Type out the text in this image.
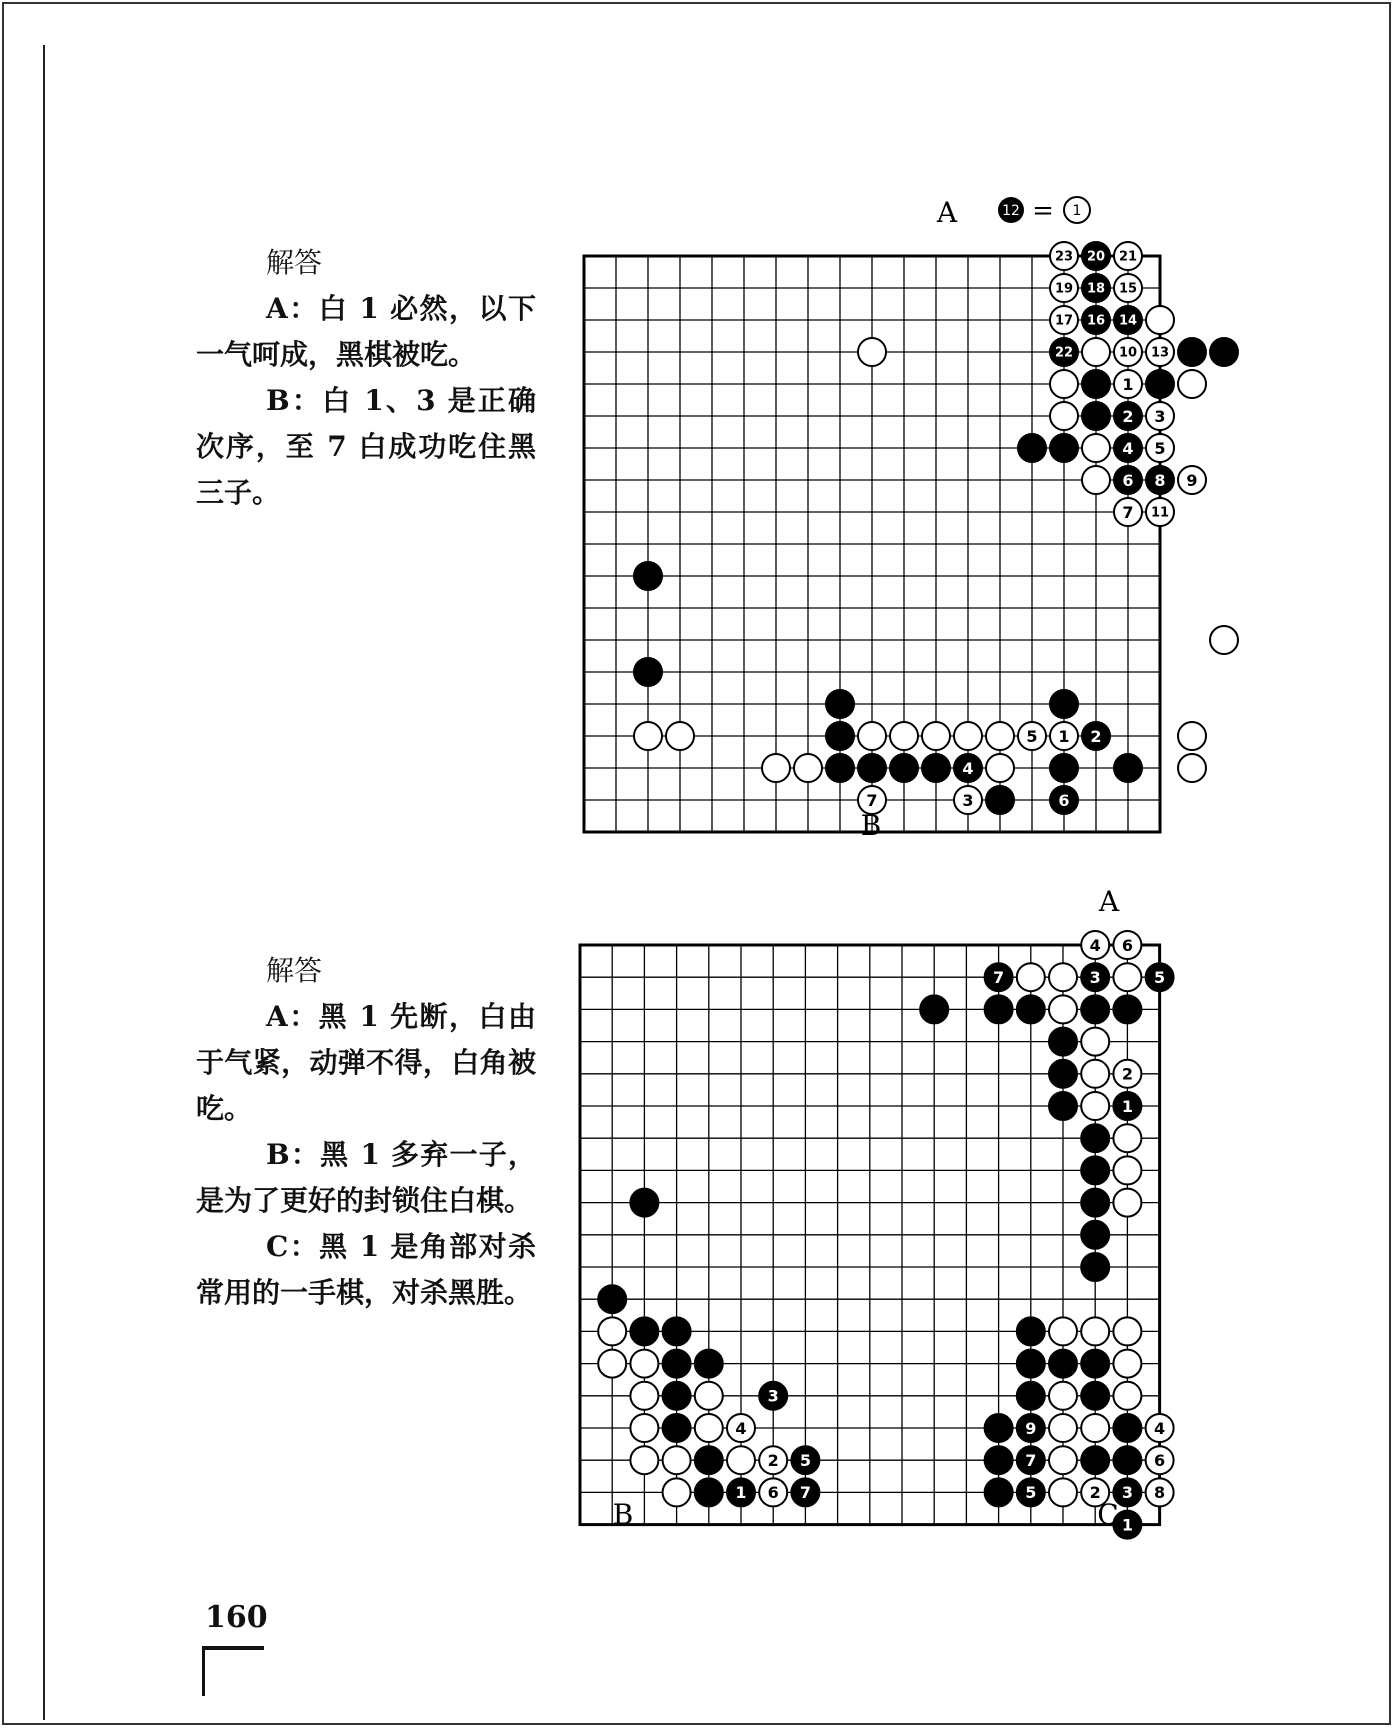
解答

A：白 1 必然，以下一气呵成，黑棋被吃。

B：白 1、3 是正确次序，至 7 白成功吃住黑三子。

解答

A：黑 1 先断，白由于气紧，动弹不得，白角被吃。

B：黑 1 多弃一子，是为了更好的封锁住白棋。

C：黑 1 是角部对杀常用的一手棋，对杀黑胜。

20 21
23
19 18 15
17 16 14
22	10 13
1
2 3
4 5
6 8 9
7 11
5 1 2
4
7	3	6
A	12 = 1
B
4 6
7	3	5
2
1
3
4
2 5
1 6 7
9	4
7	6
5	2 3 8
1
A
B	C
160
